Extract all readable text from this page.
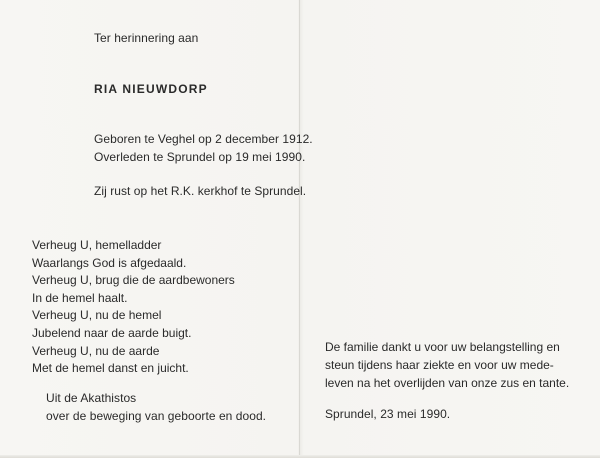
Ter herinnering aan
RIA NIEUWDORP
Geboren te Veghel op 2 december 1912.
Overleden te Sprundel op 19 mei 1990.
Zij rust op het R.K. kerkhof te Sprundel.
Verheug U, hemelladder
Waarlangs God is afgedaald.
Verheug U, brug die de aardbewoners
In de hemel haalt.
Verheug U, nu de hemel
Jubelend naar de aarde buigt.
Verheug U, nu de aarde
Met de hemel danst en juicht.
Uit de Akathistos
over de beweging van geboorte en dood.
De familie dankt u voor uw belangstelling en
steun tijdens haar ziekte en voor uw mede-
leven na het overlijden van onze zus en tante.
Sprundel, 23 mei 1990.
